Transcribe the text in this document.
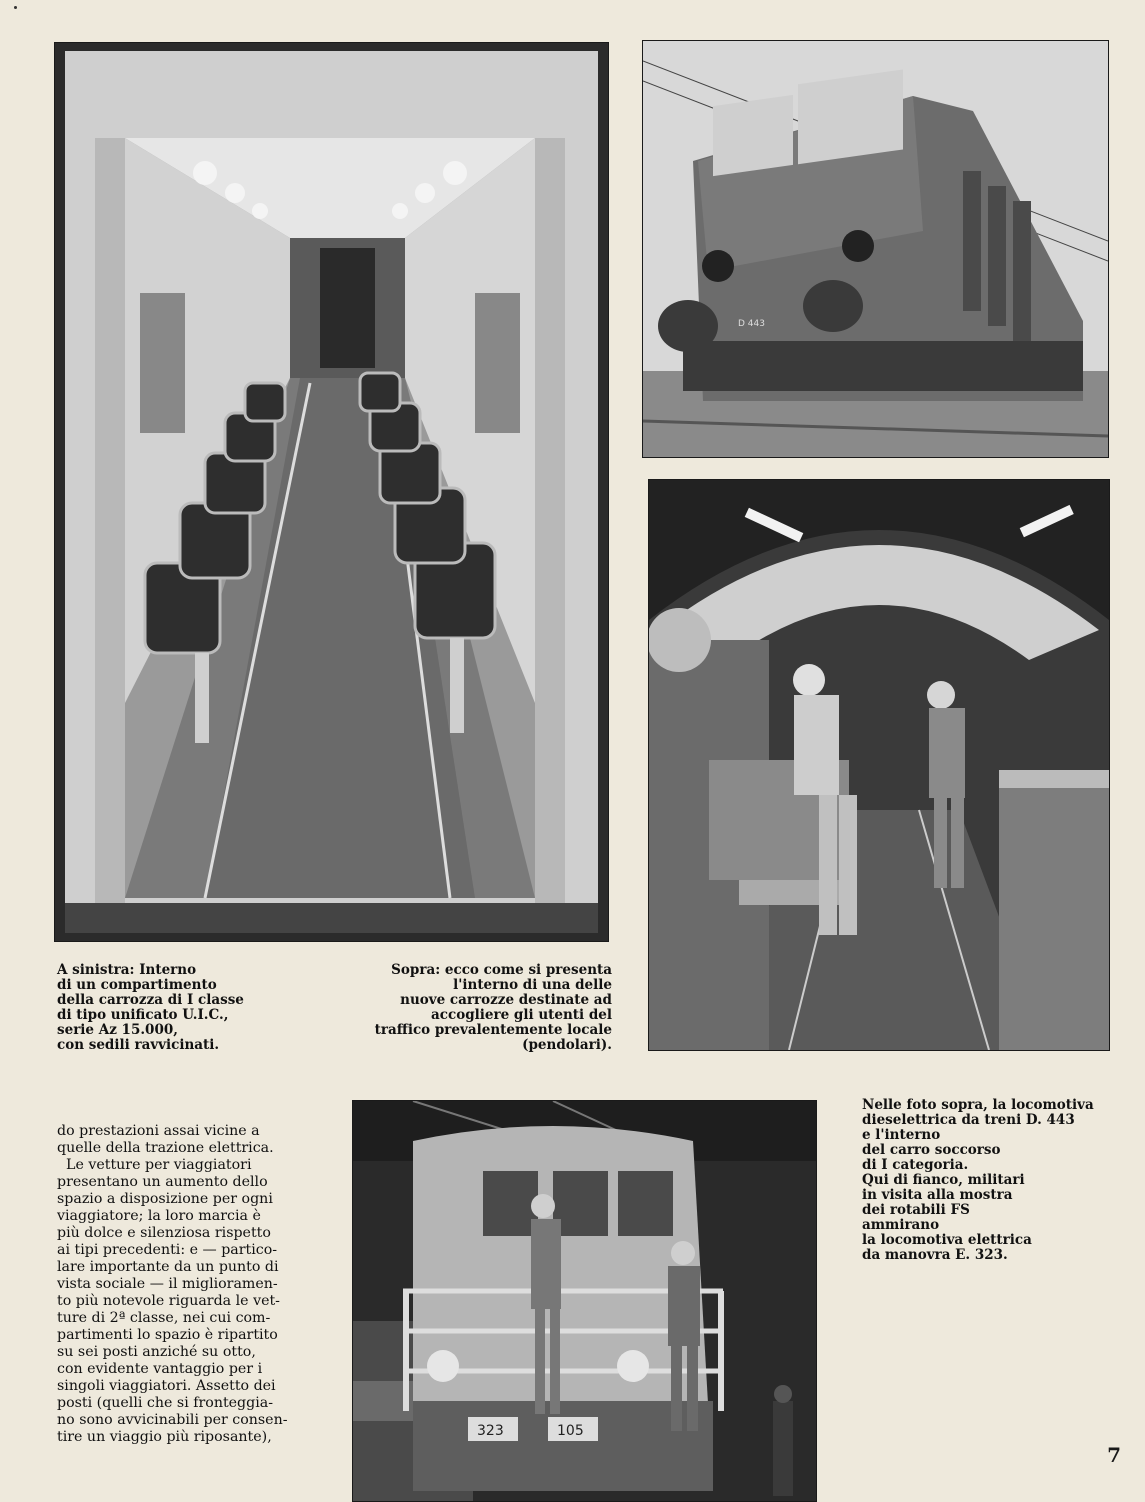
D 443
323	105

A sinistra: Interno
di un compartimento
della carrozza di I classe
di tipo unificato U.I.C.,
serie Az 15.000,
con sedili ravvicinati.

Sopra: ecco come si presenta
l'interno di una delle
nuove carrozze destinate ad
accogliere gli utenti del
traffico prevalentemente locale
(pendolari).

Nelle foto sopra, la locomotiva
dieselettrica da treni D. 443
e l'interno
del carro soccorso
di I categoria.
Qui di fianco, militari
in visita alla mostra
dei rotabili FS
ammirano
la locomotiva elettrica
da manovra E. 323.

do prestazioni assai vicine a
quelle della trazione elettrica.
Le vetture per viaggiatori
presentano un aumento dello
spazio a disposizione per ogni
viaggiatore; la loro marcia è
più dolce e silenziosa rispetto
ai tipi precedenti: e — partico-
lare importante da un punto di
vista sociale — il miglioramen-
to più notevole riguarda le vet-
ture di 2ª classe, nei cui com-
partimenti lo spazio è ripartito
su sei posti anziché su otto,
con evidente vantaggio per i
singoli viaggiatori. Assetto dei
posti (quelli che si fronteggia-
no sono avvicinabili per consen-
tire un viaggio più riposante),

7
